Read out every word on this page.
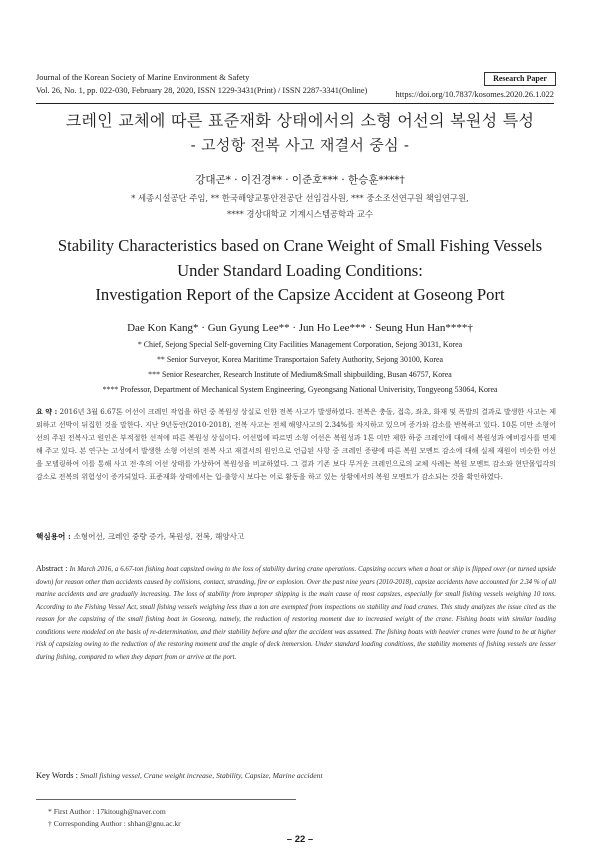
Journal of the Korean Society of Marine Environment & Safety
Vol. 26, No. 1, pp. 022-030, February 28, 2020, ISSN 1229-3431(Print) / ISSN 2287-3341(Online)
Research Paper
https://doi.org/10.7837/kosomes.2020.26.1.022
크레인 교체에 따른 표준재화 상태에서의 소형 어선의 복원성 특성
- 고성항 전복 사고 재결서 중심 -
강대곤* · 이건경** · 이준호*** · 한승훈****†
* 세종시설공단 주임, ** 한국해양교통안전공단 선임검사원, *** 중소조선연구원 책임연구원,
**** 경상대학교 기계시스템공학과 교수
Stability Characteristics based on Crane Weight of Small Fishing Vessels
Under Standard Loading Conditions:
Investigation Report of the Capsize Accident at Goseong Port
Dae Kon Kang* · Gun Gyung Lee** · Jun Ho Lee*** · Seung Hun Han****†
* Chief, Sejong Special Self-governing City Facilities Management Corporation, Sejong 30131, Korea
** Senior Surveyor, Korea Maritime Transportaion Safety Authority, Sejong 30100, Korea
*** Senior Researcher, Research Institute of Medium&Small shipbuilding, Busan 46757, Korea
**** Professor, Department of Mechanical System Engineering, Gyeongsang National Univerisity, Tongyeong 53064, Korea
요 약 : 2016년 3월 6.67톤 어선이 크레인 작업을 하던 중 복원성 상실로 인한 전복 사고가 발생하였다. 전복은 충돌, 접촉, 좌초, 화재 및 폭발의 결과로 발생한 사고는 제외하고 선박이 뒤집힌 것을 말한다. 지난 9년동안(2010-2018), 전복 사고는 전체 해양사고의 2.34%를 차지하고 있으며 증가와 감소를 반복하고 있다. 10톤 미만 소형어선의 주된 전복사고 원인은 부적절한 선적에 따른 복원성 상실이다. 어선법에 따르면 소형 어선은 복원성과 1톤 미만 제한 하중 크레인에 대해서 복원성과 예비검사를 면제해 주고 있다. 본 연구는 고성에서 발생한 소형 어선의 전복 사고 재결서의 원인으로 언급된 사항 중 크레인 증량에 따른 복원 모멘트 감소에 대해 실제 재원이 비슷한 어선을 모델링하여 이를 통해 사고 전·후의 어선 상태를 가상하여 복원성을 비교하였다. 그 결과 기존 보다 무거운 크레인으로의 교체 사례는 복원 모멘트 감소와 현단몰입각의 감소로 전복의 위험성이 증가되었다. 표준재화 상태에서는 입·출항시 보다는 어로 활동을 하고 있는 상황에서의 복원 모멘트가 감소되는 것을 확인하였다.
핵심용어 : 소형어선, 크레인 중량 증가, 복원성, 전복, 해양사고
Abstract : In March 2016, a 6.67-ton fishing boat capsized owing to the loss of stability during crane operations. Capsizing occurs when a boat or ship is flipped over (or turned upside down) for reason other than accidents caused by collisions, contact, stranding, fire or explosion. Over the past nine years (2010-2018), capsize accidents have accounted for 2.34 % of all marine accidents and are gradually increasing. The loss of stability from improper shipping is the main cause of most capsizes, especially for small fishing vessels weighing 10 tons. According to the Fishing Vessel Act, small fishing vessels weighing less than a ton are exempted from inspections on stability and load cranes. This study analyzes the issue cited as the reason for the capsizing of the small fishing boat in Goseong, namely, the reduction of restoring moment due to increased weight of the crane. Fishing boats with similar loading conditions were modeled on the basis of re-determination, and their stability before and after the accident was assumed. The fishing boats with heavier cranes were found to be at higher risk of capsizing owing to the reduction of the restoring moment and the angle of deck immersion. Under standard loading conditions, the stability moments of fishing vessels are lesser during fishing, compared to when they depart from or arrive at the port.
Key Words : Small fishing vessel, Crane weight increase, Stability, Capsize, Marine accident
* First Author : 17kitough@naver.com
† Corresponding Author : shhan@gnu.ac.kr
– 22 –
